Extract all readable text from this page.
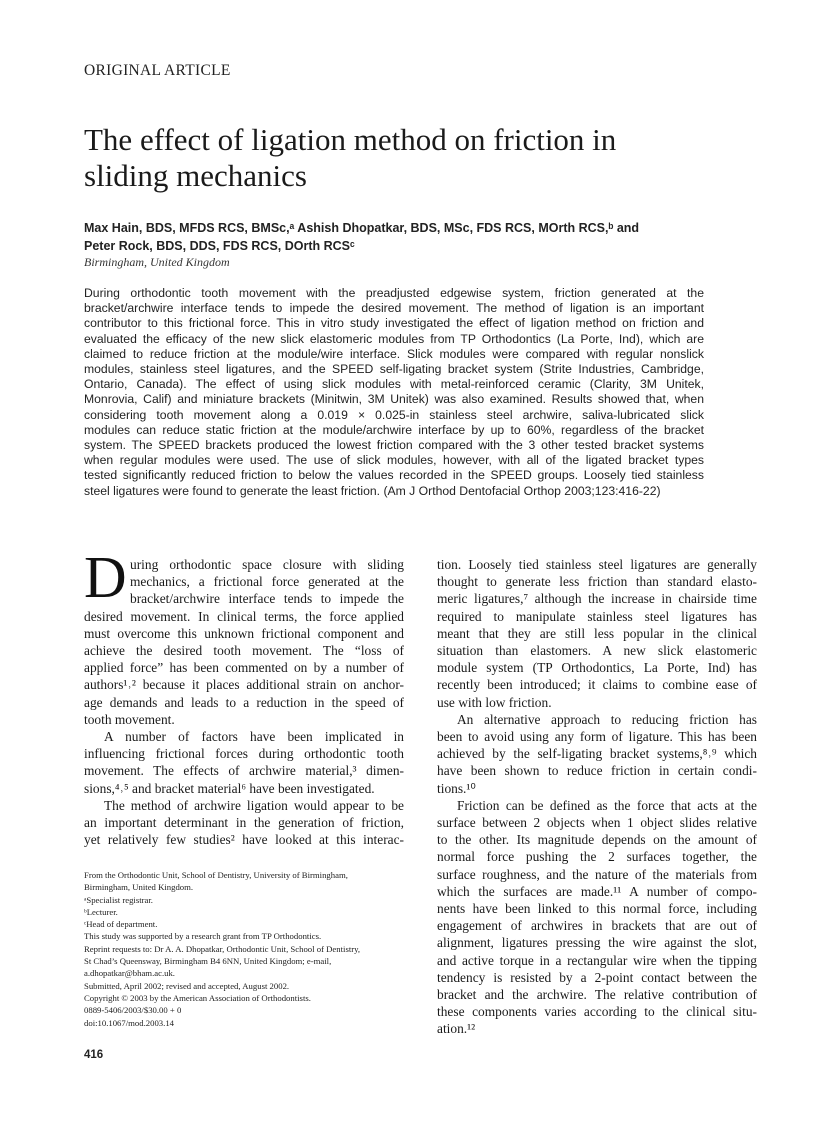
ORIGINAL ARTICLE
The effect of ligation method on friction in
sliding mechanics
Max Hain, BDS, MFDS RCS, BMSc,ᵃ Ashish Dhopatkar, BDS, MSc, FDS RCS, MOrth RCS,ᵇ and
Peter Rock, BDS, DDS, FDS RCS, DOrth RCSᶜ
Birmingham, United Kingdom
During orthodontic tooth movement with the preadjusted edgewise system, friction generated at the
bracket/archwire interface tends to impede the desired movement. The method of ligation is an important
contributor to this frictional force. This in vitro study investigated the effect of ligation method on friction and
evaluated the efficacy of the new slick elastomeric modules from TP Orthodontics (La Porte, Ind), which are
claimed to reduce friction at the module/wire interface. Slick modules were compared with regular nonslick
modules, stainless steel ligatures, and the SPEED self-ligating bracket system (Strite Industries, Cambridge,
Ontario, Canada). The effect of using slick modules with metal-reinforced ceramic (Clarity, 3M Unitek,
Monrovia, Calif) and miniature brackets (Minitwin, 3M Unitek) was also examined. Results showed that, when
considering tooth movement along a 0.019 × 0.025-in stainless steel archwire, saliva-lubricated slick
modules can reduce static friction at the module/archwire interface by up to 60%, regardless of the bracket
system. The SPEED brackets produced the lowest friction compared with the 3 other tested bracket systems
when regular modules were used. The use of slick modules, however, with all of the ligated bracket types
tested significantly reduced friction to below the values recorded in the SPEED groups. Loosely tied stainless
steel ligatures were found to generate the least friction. (Am J Orthod Dentofacial Orthop 2003;123:416-22)
D uring orthodontic space closure with sliding
mechanics, a frictional force generated at the
bracket/archwire interface tends to impede the
desired movement. In clinical terms, the force applied
must overcome this unknown frictional component and
achieve the desired tooth movement. The “loss of
applied force” has been commented on by a number of
authors¹˒² because it places additional strain on anchor-
age demands and leads to a reduction in the speed of
tooth movement.
A number of factors have been implicated in
influencing frictional forces during orthodontic tooth
movement. The effects of archwire material,³ dimen-
sions,⁴˒⁵ and bracket material⁶ have been investigated.
The method of archwire ligation would appear to be
an important determinant in the generation of friction,
yet relatively few studies² have looked at this interac-
tion. Loosely tied stainless steel ligatures are generally
thought to generate less friction than standard elasto-
meric ligatures,⁷ although the increase in chairside time
required to manipulate stainless steel ligatures has
meant that they are still less popular in the clinical
situation than elastomers. A new slick elastomeric
module system (TP Orthodontics, La Porte, Ind) has
recently been introduced; it claims to combine ease of
use with low friction.
An alternative approach to reducing friction has
been to avoid using any form of ligature. This has been
achieved by the self-ligating bracket systems,⁸˒⁹ which
have been shown to reduce friction in certain condi-
tions.¹⁰
Friction can be defined as the force that acts at the
surface between 2 objects when 1 object slides relative
to the other. Its magnitude depends on the amount of
normal force pushing the 2 surfaces together, the
surface roughness, and the nature of the materials from
which the surfaces are made.¹¹ A number of compo-
nents have been linked to this normal force, including
engagement of archwires in brackets that are out of
alignment, ligatures pressing the wire against the slot,
and active torque in a rectangular wire when the tipping
tendency is resisted by a 2-point contact between the
bracket and the archwire. The relative contribution of
these components varies according to the clinical situ-
ation.¹²
From the Orthodontic Unit, School of Dentistry, University of Birmingham,
Birmingham, United Kingdom.
ᵃSpecialist registrar.
ᵇLecturer.
ᶜHead of department.
This study was supported by a research grant from TP Orthodontics.
Reprint requests to: Dr A. A. Dhopatkar, Orthodontic Unit, School of Dentistry,
St Chad’s Queensway, Birmingham B4 6NN, United Kingdom; e-mail,
a.dhopatkar@bham.ac.uk.
Submitted, April 2002; revised and accepted, August 2002.
Copyright © 2003 by the American Association of Orthodontists.
0889-5406/2003/$30.00 + 0
doi:10.1067/mod.2003.14
416
